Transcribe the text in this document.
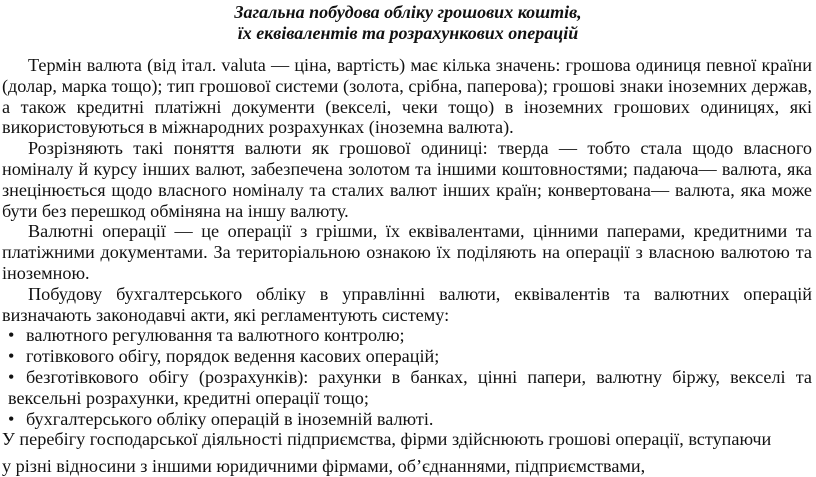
Загальна побудова обліку грошових коштів,
їх еквівалентів та розрахункових операцій

Термін валюта (від італ. valuta — ціна, вартість) має кілька значень: грошова одиниця певної країни (долар, марка тощо); тип грошової системи (золота, срібна, паперова); грошові знаки іноземних держав, а також кредитні платіжні документи (векселі, чеки тощо) в іноземних грошових одиницях, які використовуються в міжнародних розрахунках (іноземна валюта).

Розрізняють такі поняття валюти як грошової одиниці: тверда — тобто стала щодо власного номіналу й курсу інших валют, забезпечена золотом та іншими коштовностями; падаюча— валюта, яка знецінюється щодо власного номіналу та сталих валют інших країн; конвертована— валюта, яка може бути без перешкод обміняна на іншу валюту.

Валютні операції — це операції з грішми, їх еквівалентами, цінними паперами, кредитними та платіжними документами. За територіальною ознакою їх поділяють на операції з власною валютою та іноземною.

Побудову бухгалтерського обліку в управлінні валюти, еквівалентів та валютних операцій визначають законодавчі акти, які регламентують систему:

• валютного регулювання та валютного контролю;
• готівкового обігу, порядок ведення касових операцій;
• безготівкового обігу (розрахунків): рахунки в банках, цінні папери, валютну біржу, векселі та вексельні розрахунки, кредитні операції тощо;
• бухгалтерського обліку операцій в іноземній валюті.

У перебігу господарської діяльності підприємства, фірми здійснюють грошові операції, вступаючи

у різні відносини з іншими юридичними фірмами, об’єднаннями, підприємствами,
